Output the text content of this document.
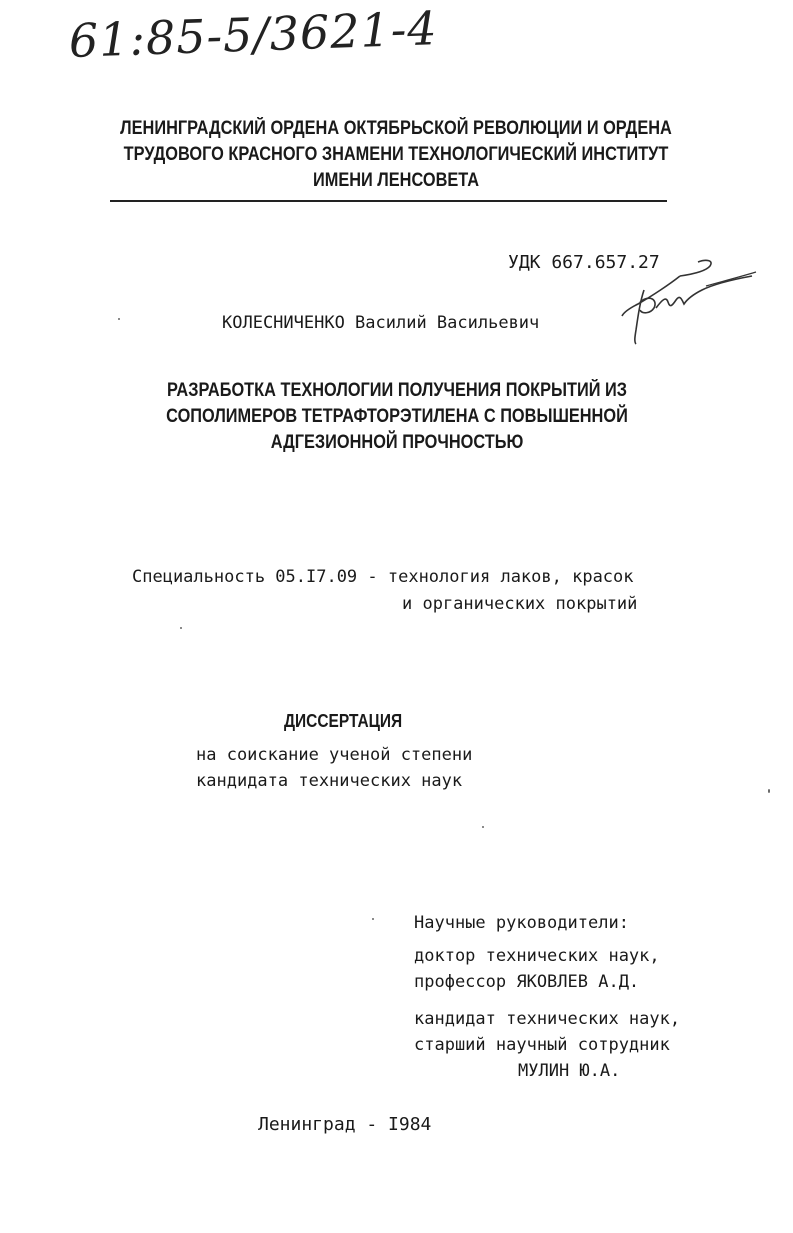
61:85-5/3621-4
ЛЕНИНГРАДСКИЙ ОРДЕНА ОКТЯБРЬСКОЙ РЕВОЛЮЦИИ И ОРДЕНА
ТРУДОВОГО КРАСНОГО ЗНАМЕНИ ТЕХНОЛОГИЧЕСКИЙ ИНСТИТУТ
ИМЕНИ ЛЕНСОВЕТА
УДК 667.657.27
КОЛЕСНИЧЕНКО Василий Васильевич
РАЗРАБОТКА ТЕХНОЛОГИИ ПОЛУЧЕНИЯ ПОКРЫТИЙ ИЗ
СОПОЛИМЕРОВ ТЕТРАФТОРЭТИЛЕНА С ПОВЫШЕННОЙ
АДГЕЗИОННОЙ ПРОЧНОСТЬЮ
Специальность 05.I7.09 - технология лаков, красок
и органических покрытий
ДИССЕРТАЦИЯ
на соискание ученой степени
кандидата технических наук
Научные руководители:
доктор технических наук,
профессор ЯКОВЛЕВ А.Д.
кандидат технических наук,
старший научный сотрудник
МУЛИН Ю.А.
Ленинград - I984
